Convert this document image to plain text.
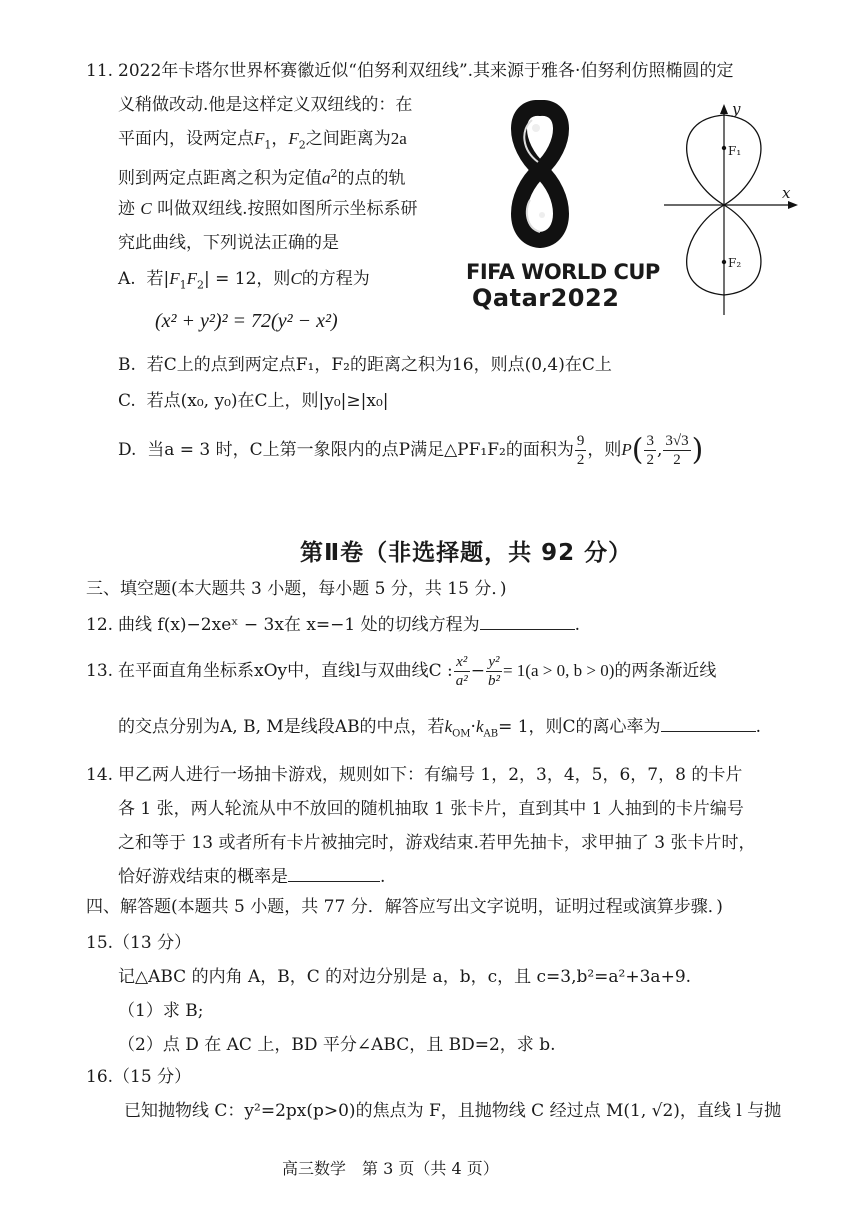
11. 2022年卡塔尔世界杯赛徽近似“伯努利双纽线”.其来源于雅各·伯努利仿照椭圆的定
义稍做改动.他是这样定义双纽线的：在
平面内，设两定点$F_1$，$F_2$之间距离为2a
则到两定点距离之积为定值$a^2$的点的轨
迹 C 叫做双纽线.按照如图所示坐标系研
究此曲线，下列说法正确的是
A. 若$|F_1F_2| = 12$，则C的方程为
(x² + y²)² = 72(y² − x²)
B. 若C上的点到两定点F₁，F₂的距离之积为16，则点(0,4)在C上
C. 若点(x₀, y₀)在C上，则|y₀|≥|x₀|
D. 当a = 3 时，C上第一象限内的点P满足△PF₁F₂的面积为 $\frac{9}{2}$ ，则$P( \frac{3}{2}$ , $\frac{3√3}{2}$ )
FIFA WORLD CUP
Qatar2022
y
x
F₁
F₂
第Ⅱ卷（非选择题，共 92 分）
三、填空题(本大题共 3 小题，每小题 5 分，共 15 分．)
12. 曲线 f(x)−2xeˣ − 3x在 x=−1 处的切线方程为	.
13. 在平面直角坐标系xOy中，直线l与双曲线C : $\frac{\text{x²}}{\text{a²}} - \frac{\text{y²}}{\text{b²}} = 1(a > 0$, b > 0)的两条渐近线
的交点分别为A, B, M是线段AB的中点，若$k_{OM}\cdot k_{AB}= 1$，则C的离心率为	.
14. 甲乙两人进行一场抽卡游戏，规则如下：有编号 1，2，3，4，5，6，7，8 的卡片
各 1 张，两人轮流从中不放回的随机抽取 1 张卡片，直到其中 1 人抽到的卡片编号
之和等于 13 或者所有卡片被抽完时，游戏结束.若甲先抽卡，求甲抽了 3 张卡片时，
恰好游戏结束的概率是	.
四、解答题(本题共 5 小题，共 77 分．解答应写出文字说明，证明过程或演算步骤．)
15.（13 分）
记△ABC 的内角 A，B，C 的对边分别是 a，b，c，且 c=3,b²=a²+3a+9.
（1）求 B;
（2）点 D 在 AC 上，BD 平分∠ABC，且 BD=2，求 b.
16.（15 分）
已知抛物线 C：y²=2px(p>0)的焦点为 F，且抛物线 C 经过点 M(1, √2)，直线 l 与抛
高三数学　第 3 页（共 4 页）
